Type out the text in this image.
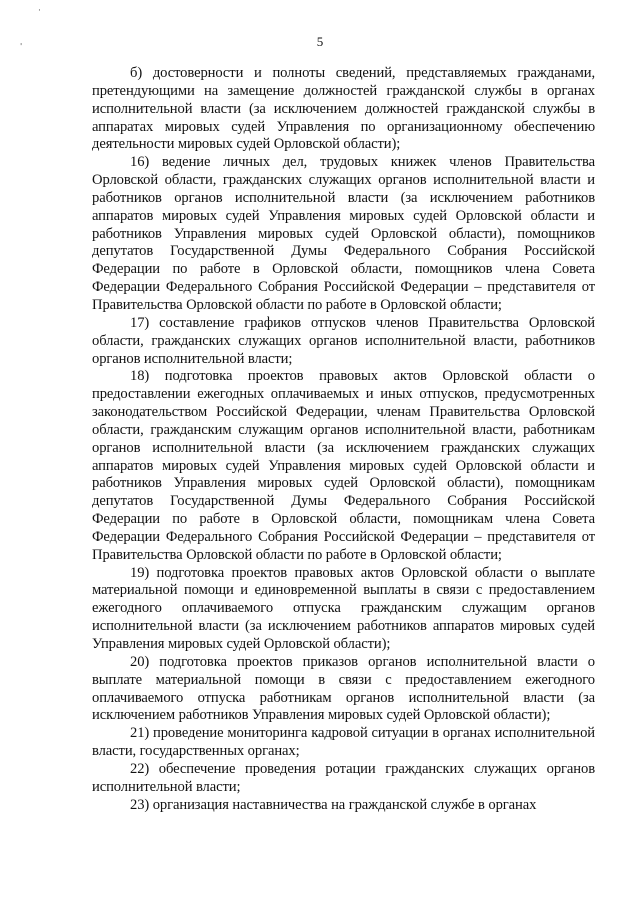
·
'	5

б) достоверности и полноты сведений, представляемых гражданами, претендующими на замещение должностей гражданской службы в органах исполнительной власти (за исключением должностей гражданской службы в аппаратах мировых судей Управления по организационному обеспечению деятельности мировых судей Орловской области);

16) ведение личных дел, трудовых книжек членов Правительства Орловской области, гражданских служащих органов исполнительной власти и работников органов исполнительной власти (за исключением работников аппаратов мировых судей Управления мировых судей Орловской области и работников Управления мировых судей Орловской области), помощников депутатов Государственной Думы Федерального Собрания Российской Федерации по работе в Орловской области, помощников члена Совета Федерации Федерального Собрания Российской Федерации – представителя от Правительства Орловской области по работе в Орловской области;

17) составление графиков отпусков членов Правительства Орловской области, гражданских служащих органов исполнительной власти, работников органов исполнительной власти;

18) подготовка проектов правовых актов Орловской области о предоставлении ежегодных оплачиваемых и иных отпусков, предусмотренных законодательством Российской Федерации, членам Правительства Орловской области, гражданским служащим органов исполнительной власти, работникам органов исполнительной власти (за исключением гражданских служащих аппаратов мировых судей Управления мировых судей Орловской области и работников Управления мировых судей Орловской области), помощникам депутатов Государственной Думы Федерального Собрания Российской Федерации по работе в Орловской области, помощникам члена Совета Федерации Федерального Собрания Российской Федерации – представителя от Правительства Орловской области по работе в Орловской области;

19) подготовка проектов правовых актов Орловской области о выплате материальной помощи и единовременной выплаты в связи с предоставлением ежегодного оплачиваемого отпуска гражданским служащим органов исполнительной власти (за исключением работников аппаратов мировых судей Управления мировых судей Орловской области);

20) подготовка проектов приказов органов исполнительной власти о выплате материальной помощи в связи с предоставлением ежегодного оплачиваемого отпуска работникам органов исполнительной власти (за исключением работников Управления мировых судей Орловской области);

21) проведение мониторинга кадровой ситуации в органах исполнительной власти, государственных органах;

22) обеспечение проведения ротации гражданских служащих органов исполнительной власти;

23) организация наставничества на гражданской службе в органах
